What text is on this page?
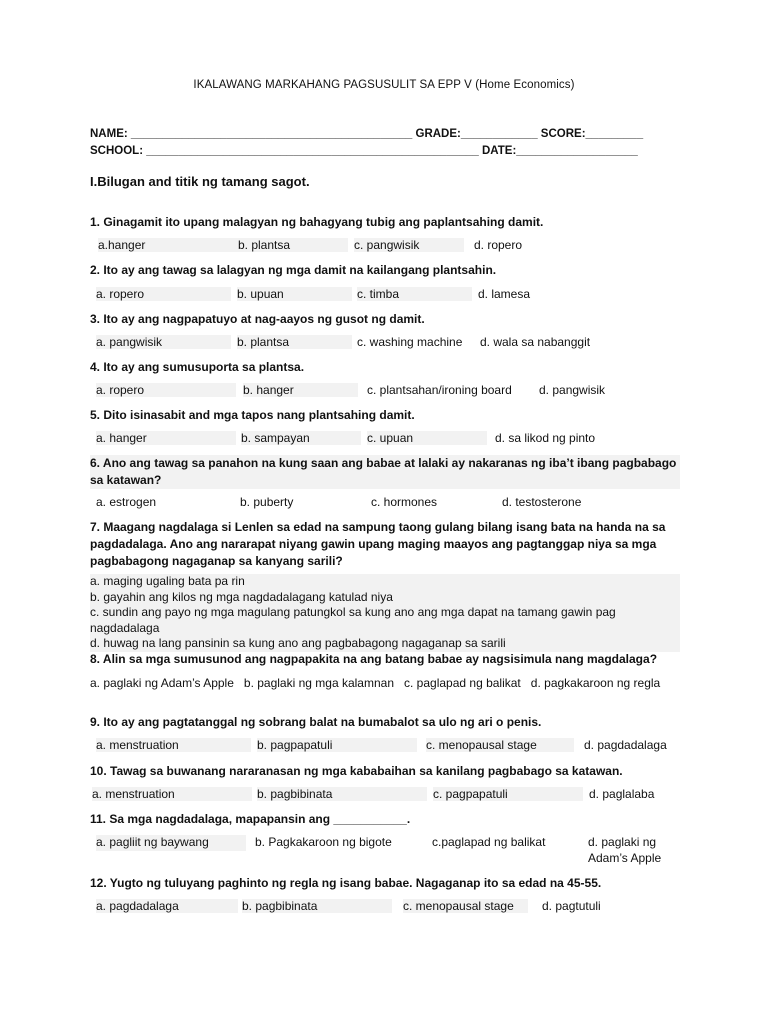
IKALAWANG MARKAHANG PAGSUSULIT SA EPP V (Home Economics)
NAME: ____________________________________________ GRADE:____________ SCORE:_________
SCHOOL: ____________________________________________________ DATE:___________________
I.Bilugan and titik ng tamang sagot.
1. Ginagamit ito upang malagyan ng bahagyang tubig ang paplantsahing damit.
a.hanger	b. plantsa	c. pangwisik	d. ropero
2. Ito ay ang tawag sa lalagyan ng mga damit na kailangang plantsahin.
a. ropero	b. upuan	c. timba	d. lamesa
3. Ito ay ang nagpapatuyo at nag-aayos ng gusot ng damit.
a. pangwisik	b. plantsa	c. washing machine d. wala sa nabanggit
4. Ito ay ang sumusuporta sa plantsa.
a. ropero	b. hanger	c. plantsahan/ironing board d. pangwisik
5. Dito isinasabit and mga tapos nang plantsahing damit.
a. hanger	b. sampayan	c. upuan	d. sa likod ng pinto
6. Ano ang tawag sa panahon na kung saan ang babae at lalaki ay nakaranas ng iba’t ibang pagbabago sa katawan?
a. estrogen	b. puberty	c. hormones	d. testosterone
7. Maagang nagdalaga si Lenlen sa edad na sampung taong gulang bilang isang bata na handa na sa pagdadalaga. Ano ang nararapat niyang gawin upang maging maayos ang pagtanggap niya sa mga pagbabagong nagaganap sa kanyang sarili?
a. maging ugaling bata pa rin
b. gayahin ang kilos ng mga nagdadalagang katulad niya
c. sundin ang payo ng mga magulang patungkol sa kung ano ang mga dapat na tamang gawin pag nagdadalaga
d. huwag na lang pansinin sa kung ano ang pagbabagong nagaganap sa sarili
8. Alin sa mga sumusunod ang nagpapakita na ang batang babae ay nagsisimula nang magdalaga?
a. paglaki ng Adam’s Apple b. paglaki ng mga kalamnan c. paglapad ng balikat d. pagkakaroon ng regla
9. Ito ay ang pagtatanggal ng sobrang balat na bumabalot sa ulo ng ari o penis.
a. menstruation	b. pagpapatuli	c. menopausal stage	d. pagdadalaga
10. Tawag sa buwanang nararanasan ng mga kababaihan sa kanilang pagbabago sa katawan.
a. menstruation	b. pagbibinata	c. pagpapatuli	d. paglalaba
11. Sa mga nagdadalaga, mapapansin ang ___________.
a. pagliit ng baywang	b. Pagkakaroon ng bigote	c.paglapad ng balikat	d. paglaki ng Adam’s Apple
12. Yugto ng tuluyang paghinto ng regla ng isang babae. Nagaganap ito sa edad na 45-55.
a. pagdadalaga	b. pagbibinata	c. menopausal stage	d. pagtutuli
